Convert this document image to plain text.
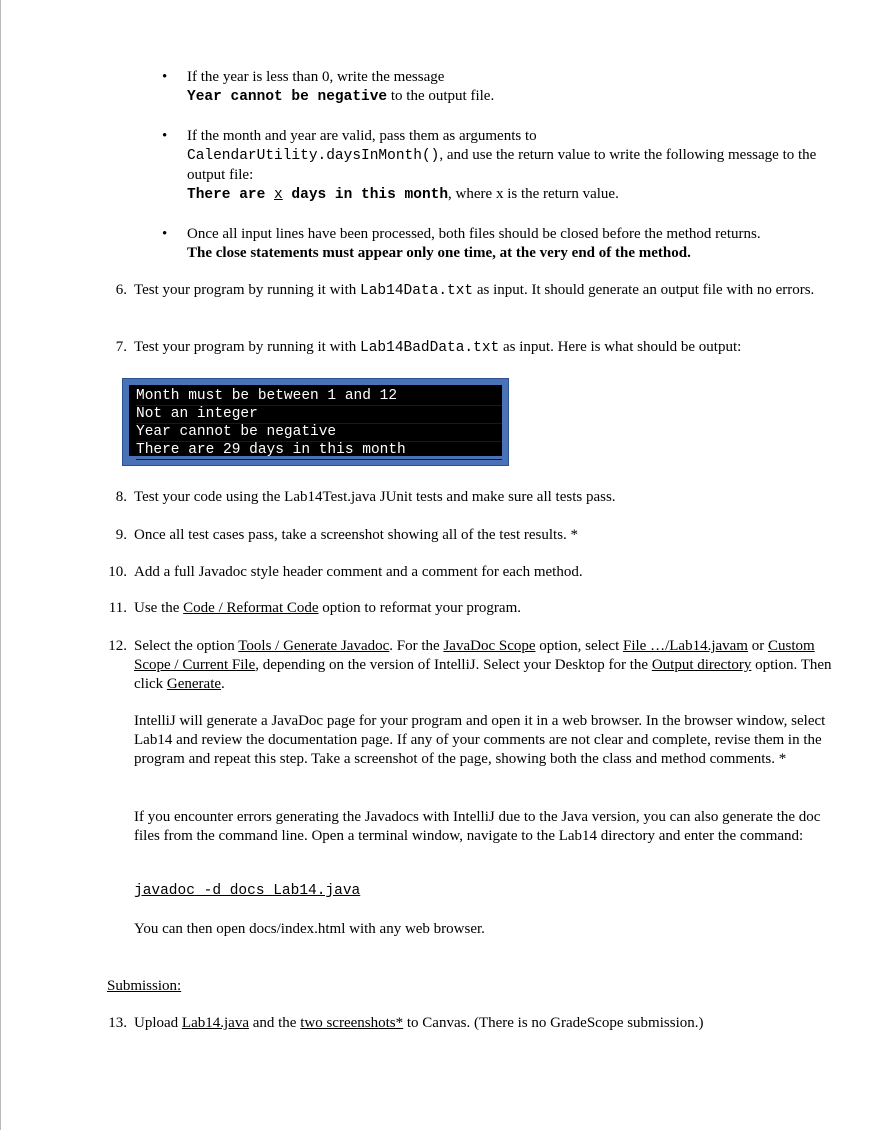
• If the year is less than 0, write the message
Year cannot be negative to the output file.
• If the month and year are valid, pass them as arguments to
CalendarUtility.daysInMonth(), and use the return value to write the following message to the output file:
There are x days in this month, where x is the return value.
• Once all input lines have been processed, both files should be closed before the method returns.
The close statements must appear only one time, at the very end of the method.
6. Test your program by running it with Lab14Data.txt as input. It should generate an output file with no errors.
7. Test your program by running it with Lab14BadData.txt as input. Here is what should be output:
Month must be between 1 and 12
Not an integer
Year cannot be negative
There are 29 days in this month
8. Test your code using the Lab14Test.java JUnit tests and make sure all tests pass.
9. Once all test cases pass, take a screenshot showing all of the test results. *
10. Add a full Javadoc style header comment and a comment for each method.
11. Use the Code / Reformat Code option to reformat your program.
12. Select the option Tools / Generate Javadoc. For the JavaDoc Scope option, select File …/Lab14.javam or Custom Scope / Current File, depending on the version of IntelliJ. Select your Desktop for the Output directory option. Then click Generate.
IntelliJ will generate a JavaDoc page for your program and open it in a web browser. In the browser window, select Lab14 and review the documentation page. If any of your comments are not clear and complete, revise them in the program and repeat this step. Take a screenshot of the page, showing both the class and method comments. *
If you encounter errors generating the Javadocs with IntelliJ due to the Java version, you can also generate the doc files from the command line. Open a terminal window, navigate to the Lab14 directory and enter the command:
javadoc -d docs Lab14.java
You can then open docs/index.html with any web browser.
Submission:
13. Upload Lab14.java and the two screenshots* to Canvas. (There is no GradeScope submission.)
